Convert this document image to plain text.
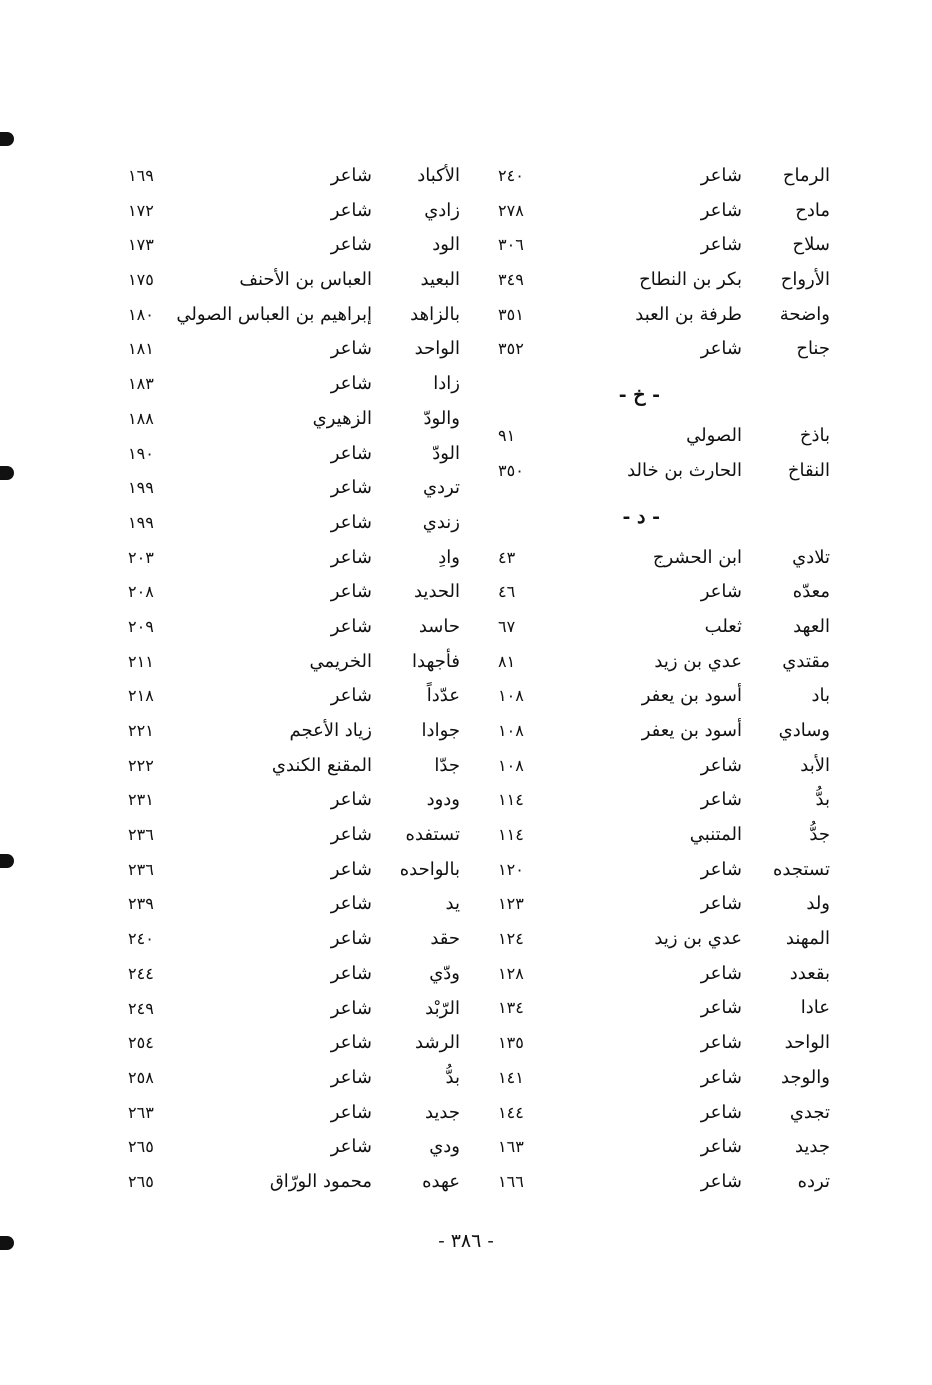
الرماح
شاعر
٢٤٠
مادح
شاعر
٢٧٨
سلاح
شاعر
٣٠٦
الأرواح
بكر بن النطاح
٣٤٩
واضحة
طرفة بن العبد
٣٥١
جناح
شاعر
٣٥٢
- خ -
باذخ
الصولي
٩١
النقاخ
الحارث بن خالد
٣٥٠
- د -
تلادي
ابن الحشرج
٤٣
معدّه
شاعر
٤٦
العهد
ثعلب
٦٧
مقتدي
عدي بن زيد
٨١
باد
أسود بن يعفر
١٠٨
وسادي
أسود بن يعفر
١٠٨
الأبد
شاعر
١٠٨
بدُّ
شاعر
١١٤
جدُّ
المتنبي
١١٤
تستجده
شاعر
١٢٠
ولد
شاعر
١٢٣
المهند
عدي بن زيد
١٢٤
بقعدد
شاعر
١٢٨
عادا
شاعر
١٣٤
الواحد
شاعر
١٣٥
والوجد
شاعر
١٤١
تجدي
شاعر
١٤٤
جديد
شاعر
١٦٣
ترده
شاعر
١٦٦
الأكباد
شاعر
١٦٩
زادي
شاعر
١٧٢
الود
شاعر
١٧٣
البعيد
العباس بن الأحنف
١٧٥
بالزاهد
إبراهيم بن العباس الصولي
١٨٠
الواحد
شاعر
١٨١
زادا
شاعر
١٨٣
والودّ
الزهيري
١٨٨
الودّ
شاعر
١٩٠
تردي
شاعر
١٩٩
زندي
شاعر
١٩٩
وادِ
شاعر
٢٠٣
الحديد
شاعر
٢٠٨
حاسد
شاعر
٢٠٩
فأجهدا
الخريمي
٢١١
عدّداً
شاعر
٢١٨
جوادا
زياد الأعجم
٢٢١
جدّا
المقنع الكندي
٢٢٢
ودود
شاعر
٢٣١
تستفده
شاعر
٢٣٦
بالواحده
شاعر
٢٣٦
يد
شاعر
٢٣٩
حقد
شاعر
٢٤٠
ودّي
شاعر
٢٤٤
الرّبْد
شاعر
٢٤٩
الرشد
شاعر
٢٥٤
بدُّ
شاعر
٢٥٨
جديد
شاعر
٢٦٣
ودي
شاعر
٢٦٥
عهده
محمود الورّاق
٢٦٥
- ٣٨٦ -
